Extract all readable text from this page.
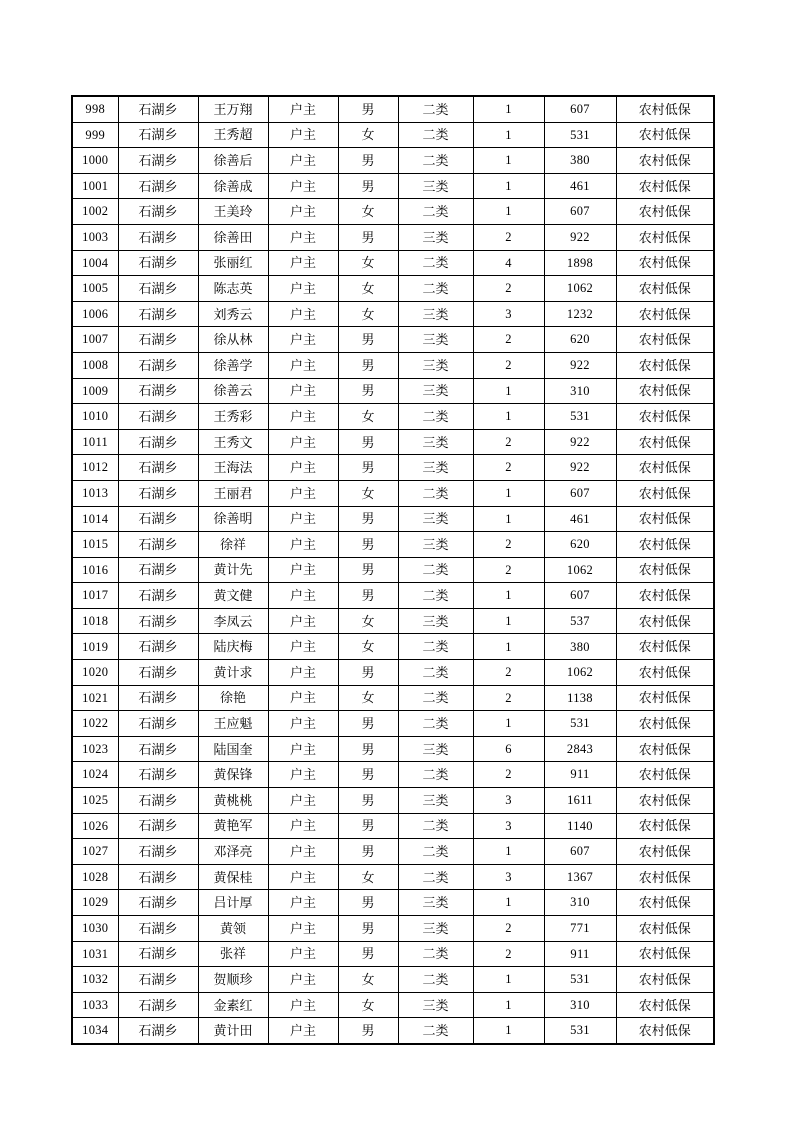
998	石湖乡	王万翔	户主	男	二类	1	607	农村低保
999	石湖乡	王秀超	户主	女	二类	1	531	农村低保
1000	石湖乡	徐善后	户主	男	二类	1	380	农村低保
1001	石湖乡	徐善成	户主	男	三类	1	461	农村低保
1002	石湖乡	王美玲	户主	女	二类	1	607	农村低保
1003	石湖乡	徐善田	户主	男	三类	2	922	农村低保
1004	石湖乡	张丽红	户主	女	二类	4	1898	农村低保
1005	石湖乡	陈志英	户主	女	二类	2	1062	农村低保
1006	石湖乡	刘秀云	户主	女	三类	3	1232	农村低保
1007	石湖乡	徐从林	户主	男	三类	2	620	农村低保
1008	石湖乡	徐善学	户主	男	三类	2	922	农村低保
1009	石湖乡	徐善云	户主	男	三类	1	310	农村低保
1010	石湖乡	王秀彩	户主	女	二类	1	531	农村低保
1011	石湖乡	王秀文	户主	男	三类	2	922	农村低保
1012	石湖乡	王海法	户主	男	三类	2	922	农村低保
1013	石湖乡	王丽君	户主	女	二类	1	607	农村低保
1014	石湖乡	徐善明	户主	男	三类	1	461	农村低保
1015	石湖乡	徐祥	户主	男	三类	2	620	农村低保
1016	石湖乡	黄计先	户主	男	二类	2	1062	农村低保
1017	石湖乡	黄文健	户主	男	二类	1	607	农村低保
1018	石湖乡	李凤云	户主	女	三类	1	537	农村低保
1019	石湖乡	陆庆梅	户主	女	二类	1	380	农村低保
1020	石湖乡	黄计求	户主	男	二类	2	1062	农村低保
1021	石湖乡	徐艳	户主	女	二类	2	1138	农村低保
1022	石湖乡	王应魁	户主	男	二类	1	531	农村低保
1023	石湖乡	陆国奎	户主	男	三类	6	2843	农村低保
1024	石湖乡	黄保锋	户主	男	二类	2	911	农村低保
1025	石湖乡	黄桃桃	户主	男	三类	3	1611	农村低保
1026	石湖乡	黄艳军	户主	男	二类	3	1140	农村低保
1027	石湖乡	邓泽亮	户主	男	二类	1	607	农村低保
1028	石湖乡	黄保桂	户主	女	二类	3	1367	农村低保
1029	石湖乡	吕计厚	户主	男	三类	1	310	农村低保
1030	石湖乡	黄领	户主	男	三类	2	771	农村低保
1031	石湖乡	张祥	户主	男	二类	2	911	农村低保
1032	石湖乡	贺顺珍	户主	女	二类	1	531	农村低保
1033	石湖乡	金素红	户主	女	三类	1	310	农村低保
1034	石湖乡	黄计田	户主	男	二类	1	531	农村低保
